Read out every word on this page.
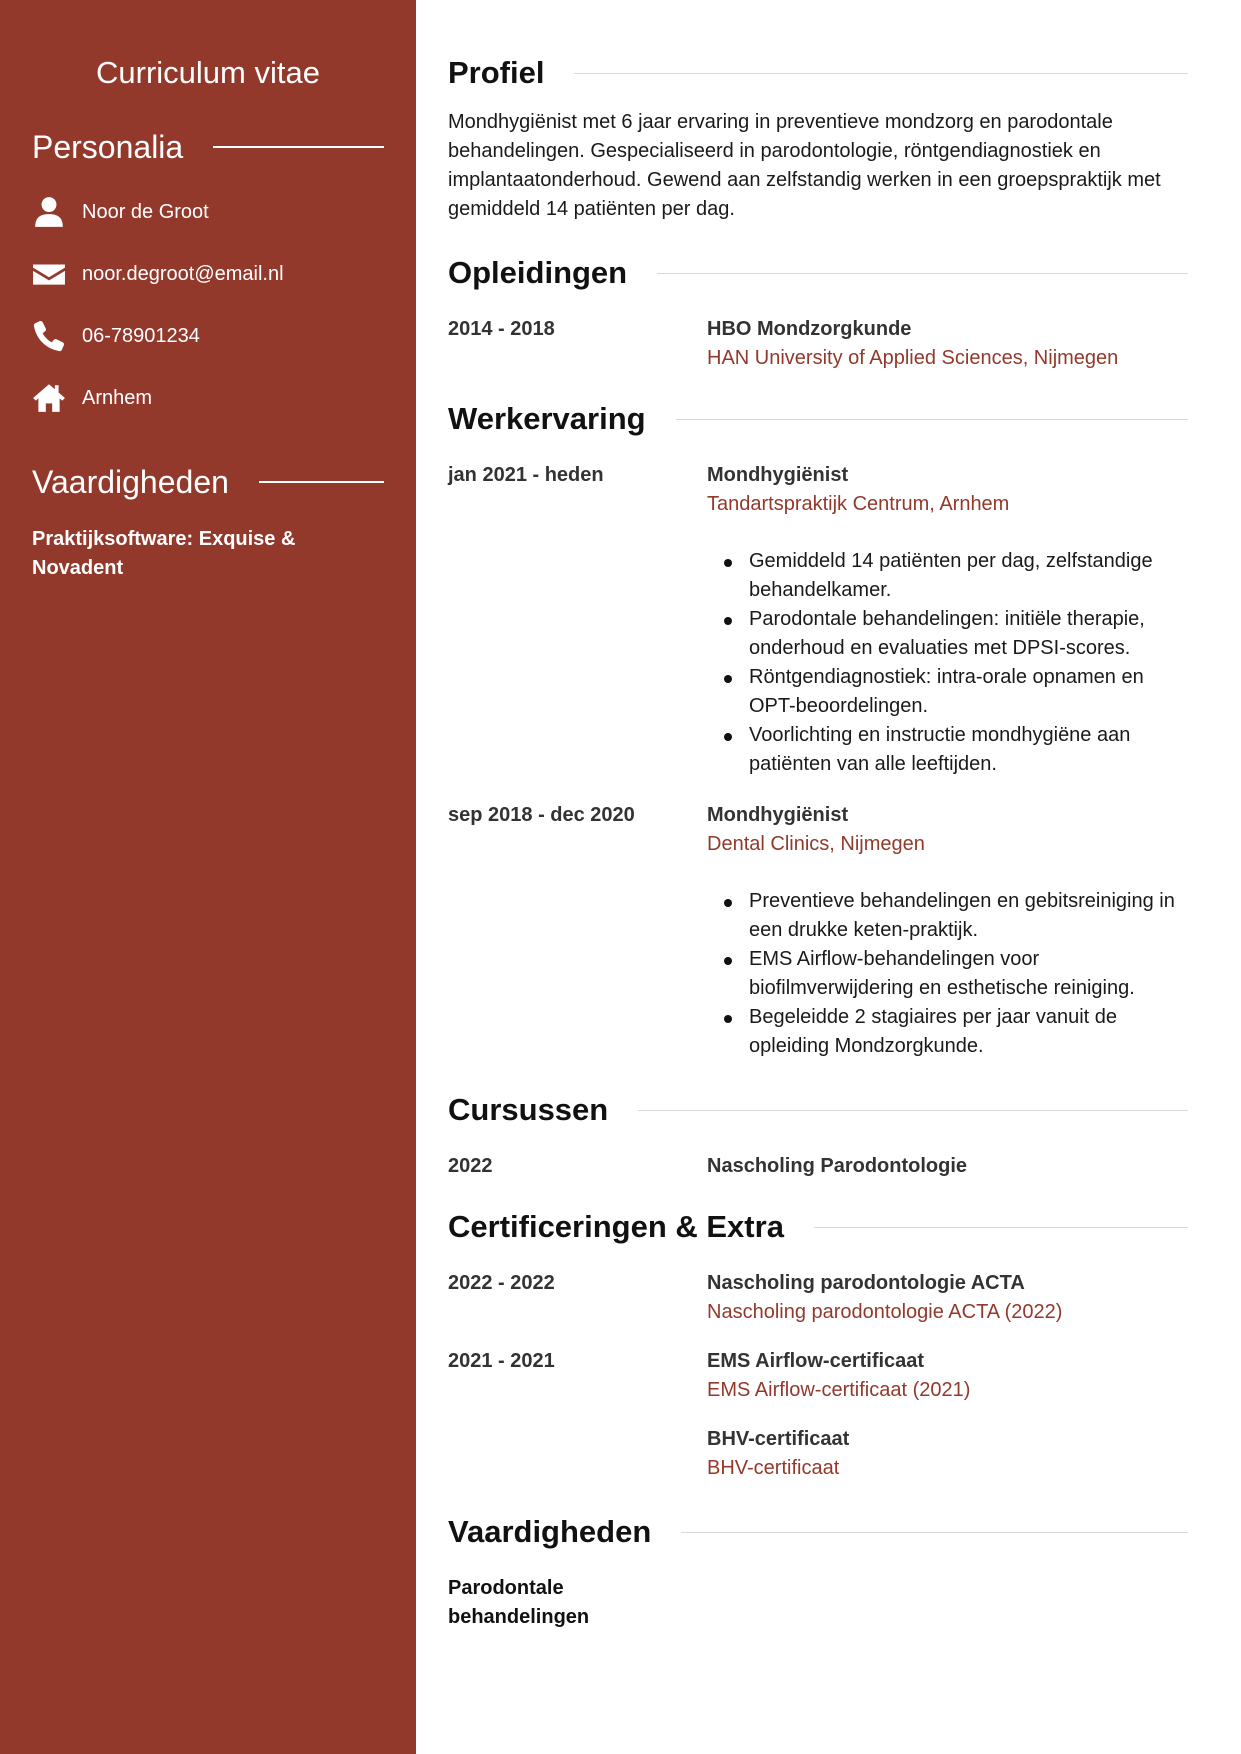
Curriculum vitae
Personalia
Noor de Groot
noor.degroot@email.nl
06-78901234
Arnhem
Vaardigheden
Praktijksoftware: Exquise & Novadent
Profiel

Mondhygiënist met 6 jaar ervaring in preventieve mondzorg en parodontale behandelingen. Gespecialiseerd in parodontologie, röntgendiagnostiek en implantaatonderhoud. Gewend aan zelfstandig werken in een groepspraktijk met gemiddeld 14 patiënten per dag.

Opleidingen
2014 - 2018	HBO Mondzorgkunde
HAN University of Applied Sciences, Nijmegen
Werkervaring
jan 2021 - heden	Mondhygiënist
Tandartspraktijk Centrum, Arnhem
Gemiddeld 14 patiënten per dag, zelfstandige behandelkamer.
Parodontale behandelingen: initiële therapie, onderhoud en evaluaties met DPSI-scores.
Röntgendiagnostiek: intra-orale opnamen en OPT-beoordelingen.
Voorlichting en instructie mondhygiëne aan patiënten van alle leeftijden.
sep 2018 - dec 2020	Mondhygiënist
Dental Clinics, Nijmegen
Preventieve behandelingen en gebitsreiniging in een drukke keten-praktijk.
EMS Airflow-behandelingen voor biofilmverwijdering en esthetische reiniging.
Begeleidde 2 stagiaires per jaar vanuit de opleiding Mondzorgkunde.
Cursussen
2022	Nascholing Parodontologie
Certificeringen & Extra
2022 - 2022	Nascholing parodontologie ACTA
Nascholing parodontologie ACTA (2022)
2021 - 2021	EMS Airflow-certificaat
EMS Airflow-certificaat (2021)
BHV-certificaat
BHV-certificaat
Vaardigheden
Parodontale behandelingen
